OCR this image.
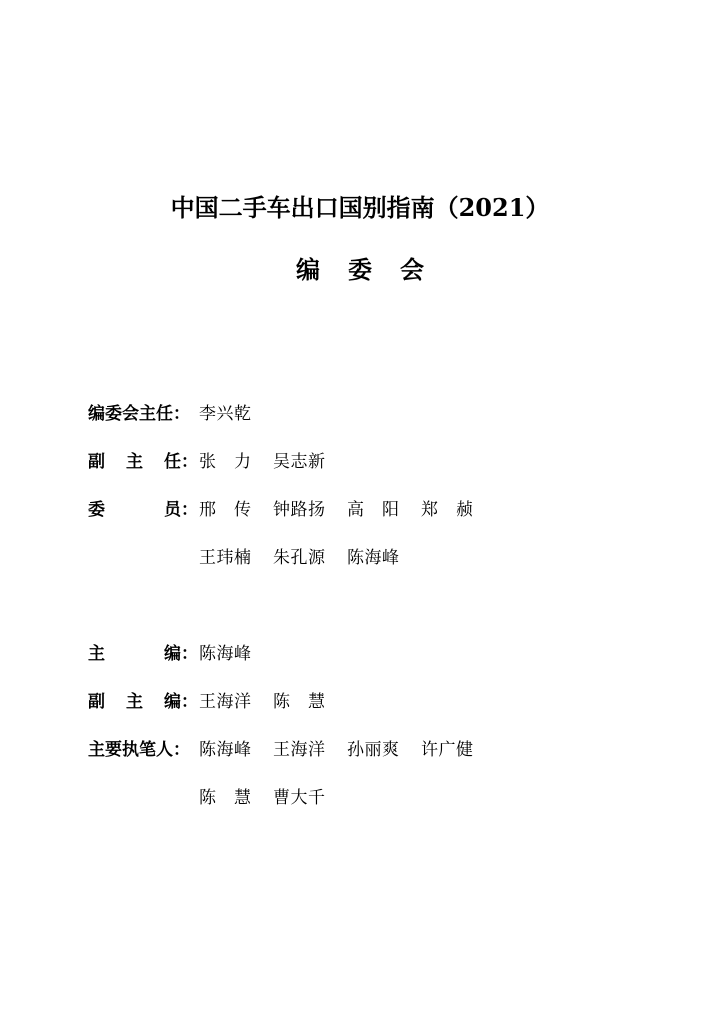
中国二手车出口国别指南（2021）
编委会
编委会主任： 李兴乾
副 主 任： 张 力 吴志新
委	员： 邢 传 钟路扬 高 阳 郑 赪
王玮楠 朱孔源 陈海峰
主	编： 陈海峰
副 主 编： 王海洋 陈 慧
主要执笔人： 陈海峰 王海洋 孙丽爽 许广健
陈 慧 曹大千
